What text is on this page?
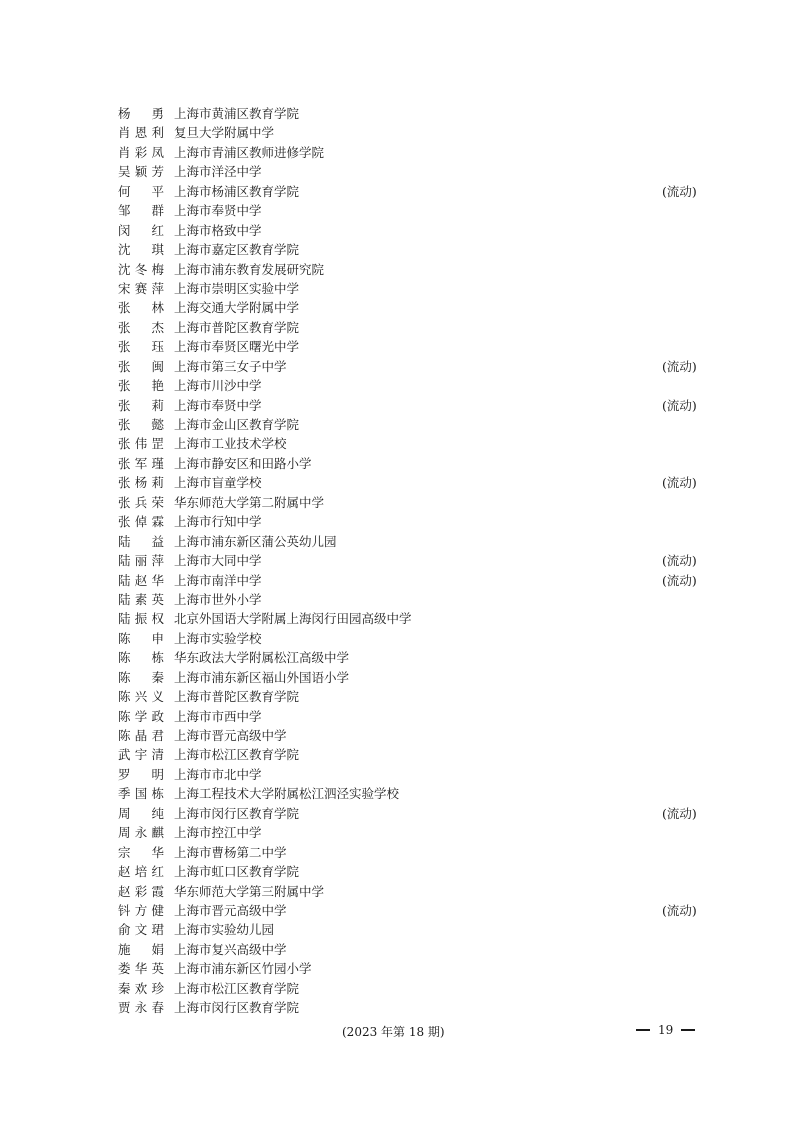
杨　勇 上海市黄浦区教育学院
肖恩利 复旦大学附属中学
肖彩凤 上海市青浦区教师进修学院
吴颖芳 上海市洋泾中学
何　平 上海市杨浦区教育学院	(流动)
邹　群 上海市奉贤中学
闵　红 上海市格致中学
沈　琪 上海市嘉定区教育学院
沈冬梅 上海市浦东教育发展研究院
宋赛萍 上海市崇明区实验中学
张　林 上海交通大学附属中学
张　杰 上海市普陀区教育学院
张　珏 上海市奉贤区曙光中学
张　闽 上海市第三女子中学	(流动)
张　艳 上海市川沙中学
张　莉 上海市奉贤中学	(流动)
张　懿 上海市金山区教育学院
张伟罡 上海市工业技术学校
张军瑾 上海市静安区和田路小学
张杨莉 上海市盲童学校	(流动)
张兵荣 华东师范大学第二附属中学
张倬霖 上海市行知中学
陆　益 上海市浦东新区蒲公英幼儿园
陆丽萍 上海市大同中学	(流动)
陆赵华 上海市南洋中学	(流动)
陆素英 上海市世外小学
陆振权 北京外国语大学附属上海闵行田园高级中学
陈　申 上海市实验学校
陈　栋 华东政法大学附属松江高级中学
陈　秦 上海市浦东新区福山外国语小学
陈兴义 上海市普陀区教育学院
陈学政 上海市市西中学
陈晶君 上海市晋元高级中学
武宇清 上海市松江区教育学院
罗　明 上海市市北中学
季国栋 上海工程技术大学附属松江泗泾实验学校
周　纯 上海市闵行区教育学院	(流动)
周永麒 上海市控江中学
宗　华 上海市曹杨第二中学
赵培红 上海市虹口区教育学院
赵彩霞 华东师范大学第三附属中学
钭方健 上海市晋元高级中学	(流动)
俞文珺 上海市实验幼儿园
施　娟 上海市复兴高级中学
娄华英 上海市浦东新区竹园小学
秦欢珍 上海市松江区教育学院
贾永春 上海市闵行区教育学院
(2023 年第 18 期)	19
